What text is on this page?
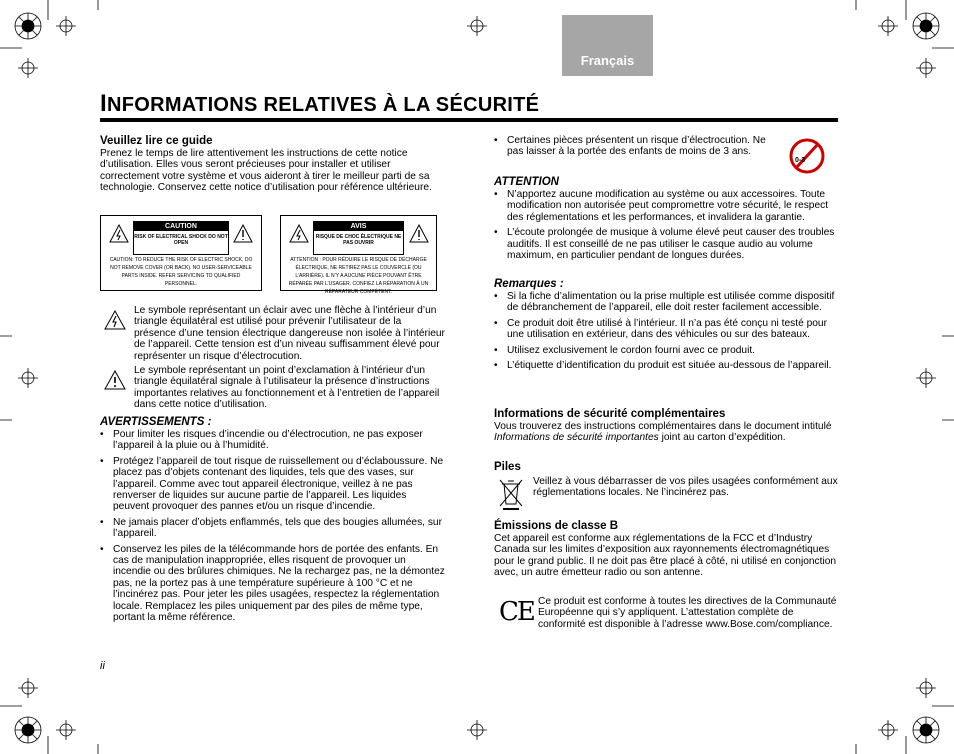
Français
INFORMATIONS RELATIVES À LA SÉCURITÉ
Veuillez lire ce guide

Prenez le temps de lire attentivement les instructions de cette notice d’utilisation. Elles vous seront précieuses pour installer et utiliser correctement votre système et vous aideront à tirer le meilleur parti de sa technologie. Conservez cette notice d’utilisation pour référence ultérieure.

CAUTION
RISK OF ELECTRICAL SHOCK DO NOT OPEN
CAUTION: TO REDUCE THE RISK OF ELECTRIC SHOCK, DO NOT REMOVE COVER (OR BACK). NO USER-SERVICEABLE PARTS INSIDE. REFER SERVICING TO QUALIFIED PERSONNEL.
AVIS
RISQUE DE CHOC ÉLECTRIQUE NE PAS OUVRIR
ATTENTION : POUR RÉDUIRE LE RISQUE DE DÉCHARGE ÉLECTRIQUE, NE RETIREZ PAS LE COUVERCLE (OU L’ARRIÈRE). IL N’Y A AUCUNE PIÈCE POUVANT ÊTRE RÉPARÉE PAR L’USAGER. CONFIEZ LA RÉPARATION À UN RÉPARATEUR COMPÉTENT.
Le symbole représentant un éclair avec une flèche à l’intérieur d’un triangle équilatéral est utilisé pour prévenir l’utilisateur de la présence d’une tension électrique dangereuse non isolée à l’intérieur de l’appareil. Cette tension est d’un niveau suffisamment élevé pour représenter un risque d’électrocution.
Le symbole représentant un point d’exclamation à l’intérieur d’un triangle équilatéral signale à l’utilisateur la présence d’instructions importantes relatives au fonctionnement et à l’entretien de l’appareil dans cette notice d’utilisation.
AVERTISSEMENTS :
• Pour limiter les risques d’incendie ou d’électrocution, ne pas exposer l’appareil à la pluie ou à l’humidité.
• Protégez l’appareil de tout risque de ruissellement ou d’éclaboussure. Ne placez pas d’objets contenant des liquides, tels que des vases, sur l’appareil. Comme avec tout appareil électronique, veillez à ne pas renverser de liquides sur aucune partie de l’appareil. Les liquides peuvent provoquer des pannes et/ou un risque d’incendie.
• Ne jamais placer d’objets enflammés, tels que des bougies allumées, sur l’appareil.
• Conservez les piles de la télécommande hors de portée des enfants. En cas de manipulation inappropriée, elles risquent de provoquer un incendie ou des brûlures chimiques. Ne la rechargez pas, ne la démontez pas, ne la portez pas à une température supérieure à 100 °C et ne l’incinérez pas. Pour jeter les piles usagées, respectez la réglementation locale. Remplacez les piles uniquement par des piles de même type, portant la même référence.
ii
• Certaines pièces présentent un risque d’électrocution. Ne pas laisser à la portée des enfants de moins de 3 ans.
0-3
ATTENTION
• N’apportez aucune modification au système ou aux accessoires. Toute modification non autorisée peut compromettre votre sécurité, le respect des réglementations et les performances, et invalidera la garantie.
• L’écoute prolongée de musique à volume élevé peut causer des troubles auditifs. Il est conseillé de ne pas utiliser le casque audio au volume maximum, en particulier pendant de longues durées.
Remarques :
• Si la fiche d’alimentation ou la prise multiple est utilisée comme dispositif de débranchement de l’appareil, elle doit rester facilement accessible.
• Ce produit doit être utilisé à l’intérieur. Il n’a pas été conçu ni testé pour une utilisation en extérieur, dans des véhicules ou sur des bateaux.
• Utilisez exclusivement le cordon fourni avec ce produit.
• L’étiquette d’identification du produit est située au-dessous de l’appareil.
Informations de sécurité complémentaires

Vous trouverez des instructions complémentaires dans le document intitulé Informations de sécurité importantes joint au carton d’expédition.

Piles
Veillez à vous débarrasser de vos piles usagées conformément aux réglementations locales. Ne l’incinérez pas.
Émissions de classe B

Cet appareil est conforme aux réglementations de la FCC et d’Industry Canada sur les limites d’exposition aux rayonnements électromagnétiques pour le grand public. Il ne doit pas être placé à côté, ni utilisé en conjonction avec, un autre émetteur radio ou son antenne.

CE Ce produit est conforme à toutes les directives de la Communauté Européenne qui s’y appliquent. L’attestation complète de conformité est disponible à l’adresse www.Bose.com/compliance.
